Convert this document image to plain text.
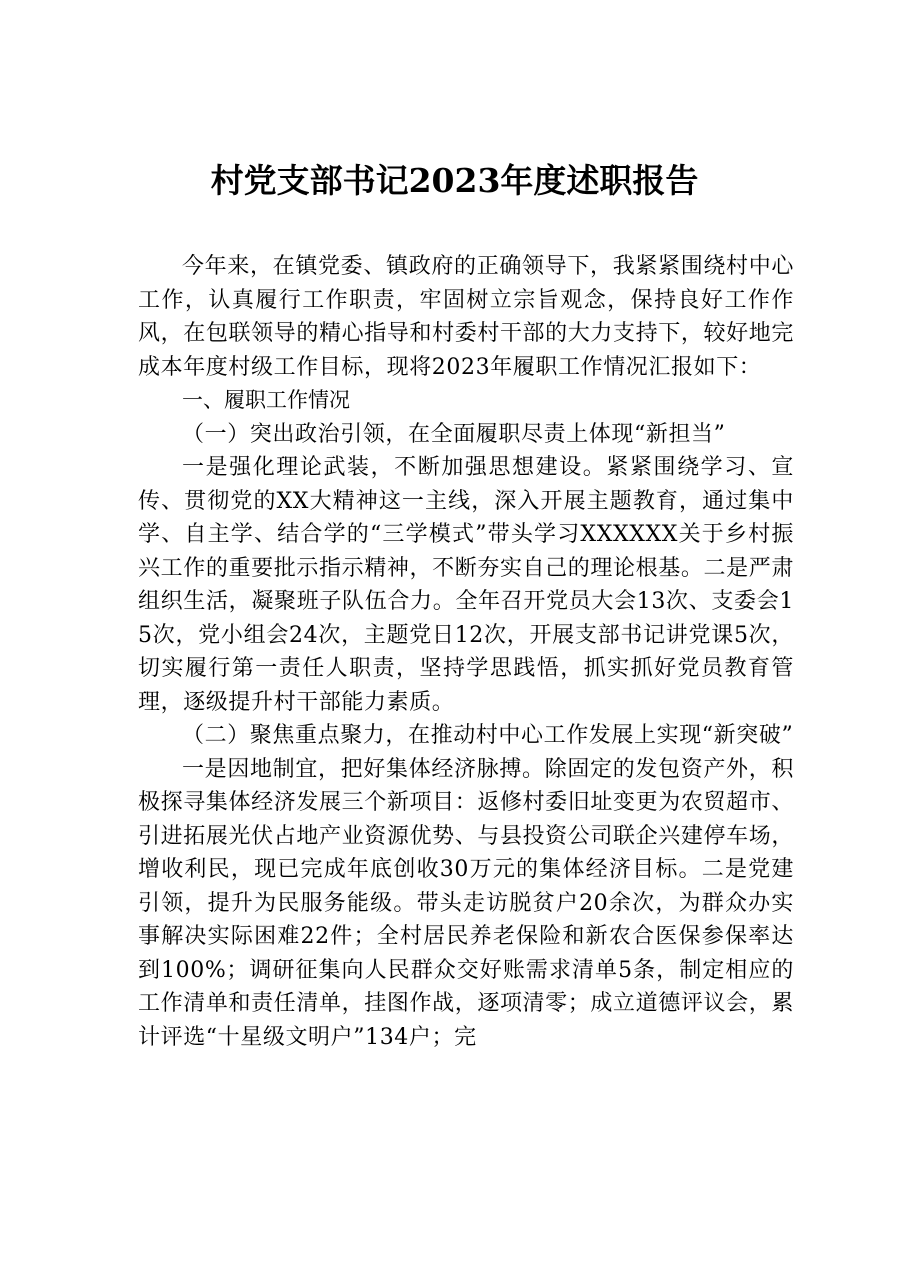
村党支部书记2023年度述职报告

今年来，在镇党委、镇政府的正确领导下，我紧紧围绕村中心工作，认真履行工作职责，牢固树立宗旨观念，保持良好工作作风，在包联领导的精心指导和村委村干部的大力支持下，较好地完成本年度村级工作目标，现将2023年履职工作情况汇报如下：

一、履职工作情况

（一）突出政治引领，在全面履职尽责上体现“新担当”

一是强化理论武装，不断加强思想建设。紧紧围绕学习、宣传、贯彻党的XX大精神这一主线，深入开展主题教育，通过集中学、自主学、结合学的“三学模式”带头学习XXXXXX关于乡村振兴工作的重要批示指示精神，不断夯实自己的理论根基。二是严肃组织生活，凝聚班子队伍合力。全年召开党员大会13次、支委会15次，党小组会24次，主题党日12次，开展支部书记讲党课5次，切实履行第一责任人职责，坚持学思践悟，抓实抓好党员教育管理，逐级提升村干部能力素质。

（二）聚焦重点聚力，在推动村中心工作发展上实现“新突破”

一是因地制宜，把好集体经济脉搏。除固定的发包资产外，积极探寻集体经济发展三个新项目：返修村委旧址变更为农贸超市、引进拓展光伏占地产业资源优势、与县投资公司联企兴建停车场，增收利民，现已完成年底创收30万元的集体经济目标。二是党建引领，提升为民服务能级。带头走访脱贫户20余次，为群众办实事解决实际困难22件；全村居民养老保险和新农合医保参保率达到100%；调研征集向人民群众交好账需求清单5条，制定相应的工作清单和责任清单，挂图作战，逐项清零；成立道德评议会，累计评选“十星级文明户”134户；完
